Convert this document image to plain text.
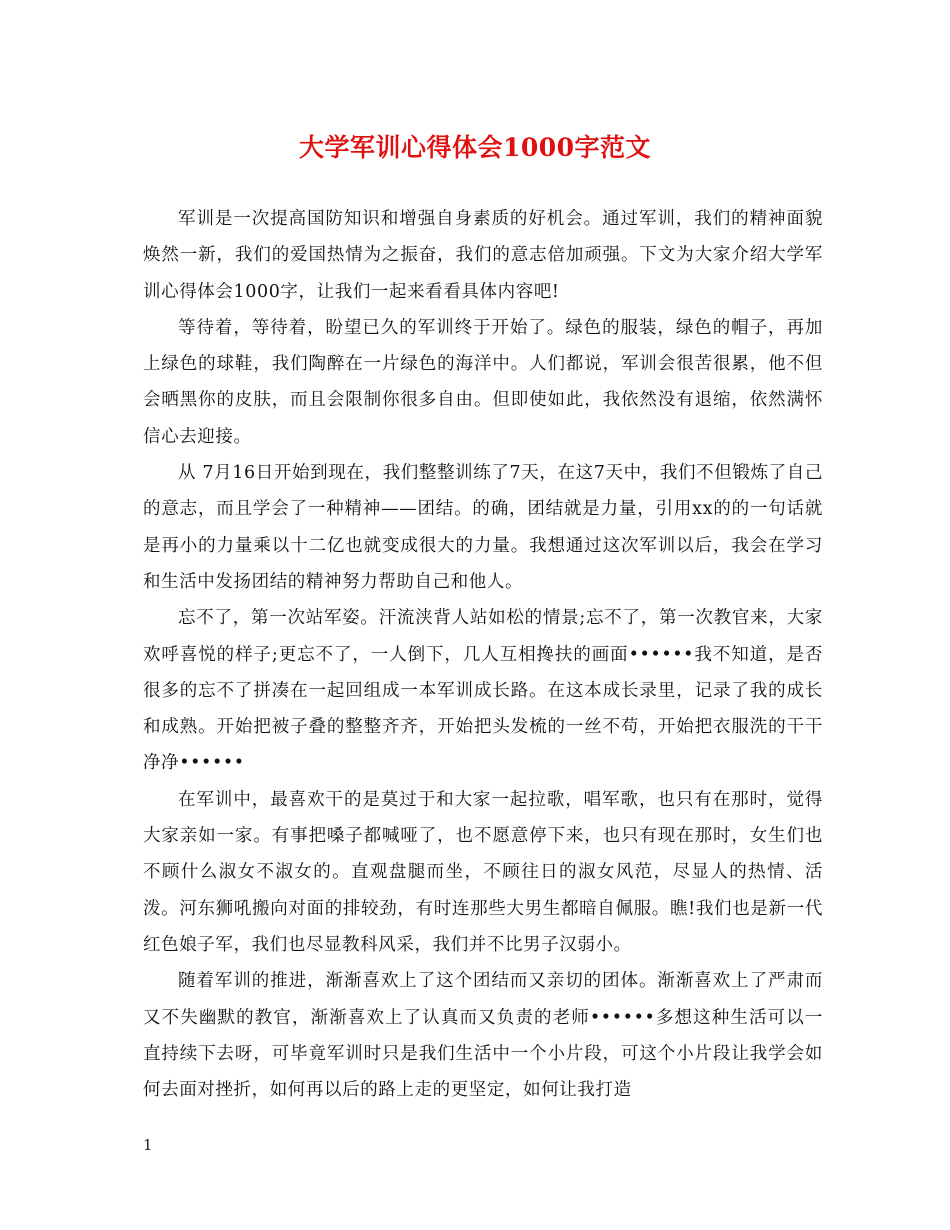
大学军训心得体会1000字范文

军训是一次提高国防知识和增强自身素质的好机会。通过军训，我们的精神面貌焕然一新，我们的爱国热情为之振奋，我们的意志倍加顽强。下文为大家介绍大学军训心得体会1000字，让我们一起来看看具体内容吧!

等待着，等待着，盼望已久的军训终于开始了。绿色的服装，绿色的帽子，再加上绿色的球鞋，我们陶醉在一片绿色的海洋中。人们都说，军训会很苦很累，他不但会晒黑你的皮肤，而且会限制你很多自由。但即使如此，我依然没有退缩，依然满怀信心去迎接。

从 7月16日开始到现在，我们整整训练了7天，在这7天中，我们不但锻炼了自己的意志，而且学会了一种精神——团结。的确，团结就是力量，引用xx的的一句话就是再小的力量乘以十二亿也就变成很大的力量。我想通过这次军训以后，我会在学习和生活中发扬团结的精神努力帮助自己和他人。

忘不了，第一次站军姿。汗流浃背人站如松的情景;忘不了，第一次教官来，大家欢呼喜悦的样子;更忘不了，一人倒下，几人互相搀扶的画面••••••我不知道，是否很多的忘不了拼凑在一起回组成一本军训成长路。在这本成长录里，记录了我的成长和成熟。开始把被子叠的整整齐齐，开始把头发梳的一丝不苟，开始把衣服洗的干干净净••••••

在军训中，最喜欢干的是莫过于和大家一起拉歌，唱军歌，也只有在那时，觉得大家亲如一家。有事把嗓子都喊哑了，也不愿意停下来，也只有现在那时，女生们也不顾什么淑女不淑女的。直观盘腿而坐，不顾往日的淑女风范，尽显人的热情、活泼。河东狮吼搬向对面的排较劲，有时连那些大男生都暗自佩服。瞧!我们也是新一代红色娘子军，我们也尽显教科风采，我们并不比男子汉弱小。

随着军训的推进，渐渐喜欢上了这个团结而又亲切的团体。渐渐喜欢上了严肃而又不失幽默的教官，渐渐喜欢上了认真而又负责的老师••••••多想这种生活可以一直持续下去呀，可毕竟军训时只是我们生活中一个小片段，可这个小片段让我学会如何去面对挫折，如何再以后的路上走的更坚定，如何让我打造

1
